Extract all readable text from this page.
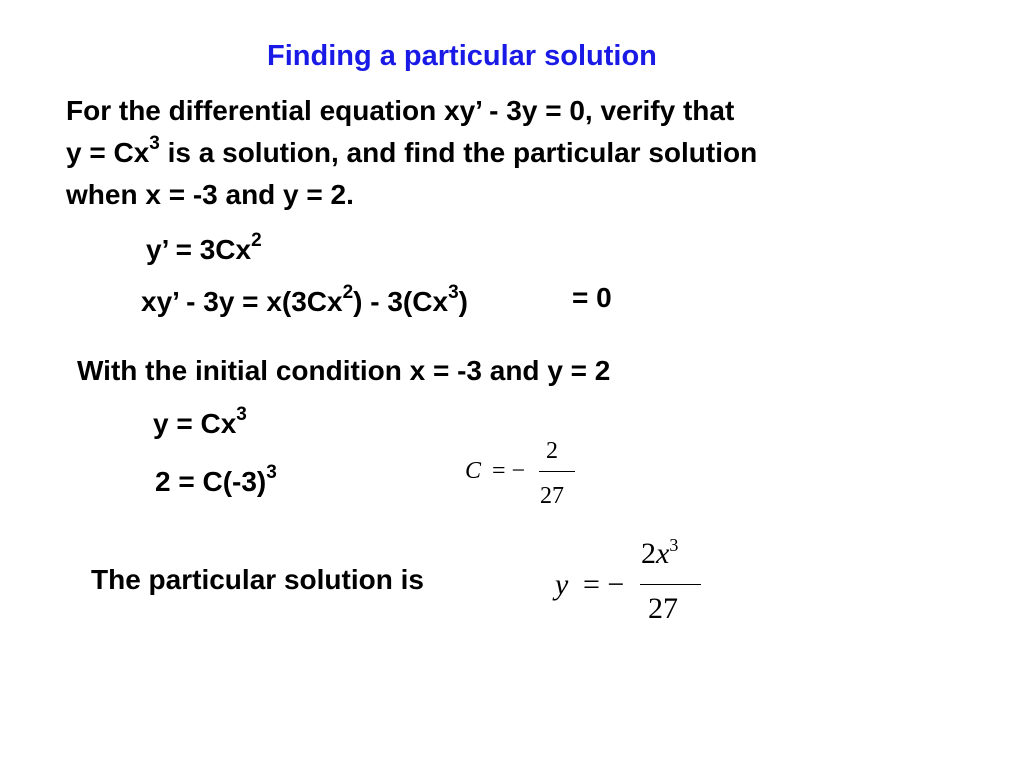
Finding a particular solution
For the differential equation xy’ - 3y = 0, verify that
$y = Cx^3$ is a solution, and find the particular solution
when x = -3 and y = 2.
y’ = $3Cx^2$
xy’ - $3y = x(3Cx^2) - 3(Cx^3)$	= 0
With the initial condition x = -3 and y = 2
$y = Cx^3$
$2 = C(-3)^3$	C = −
2
27
The particular solution is	y = −
$2x^3$
27
